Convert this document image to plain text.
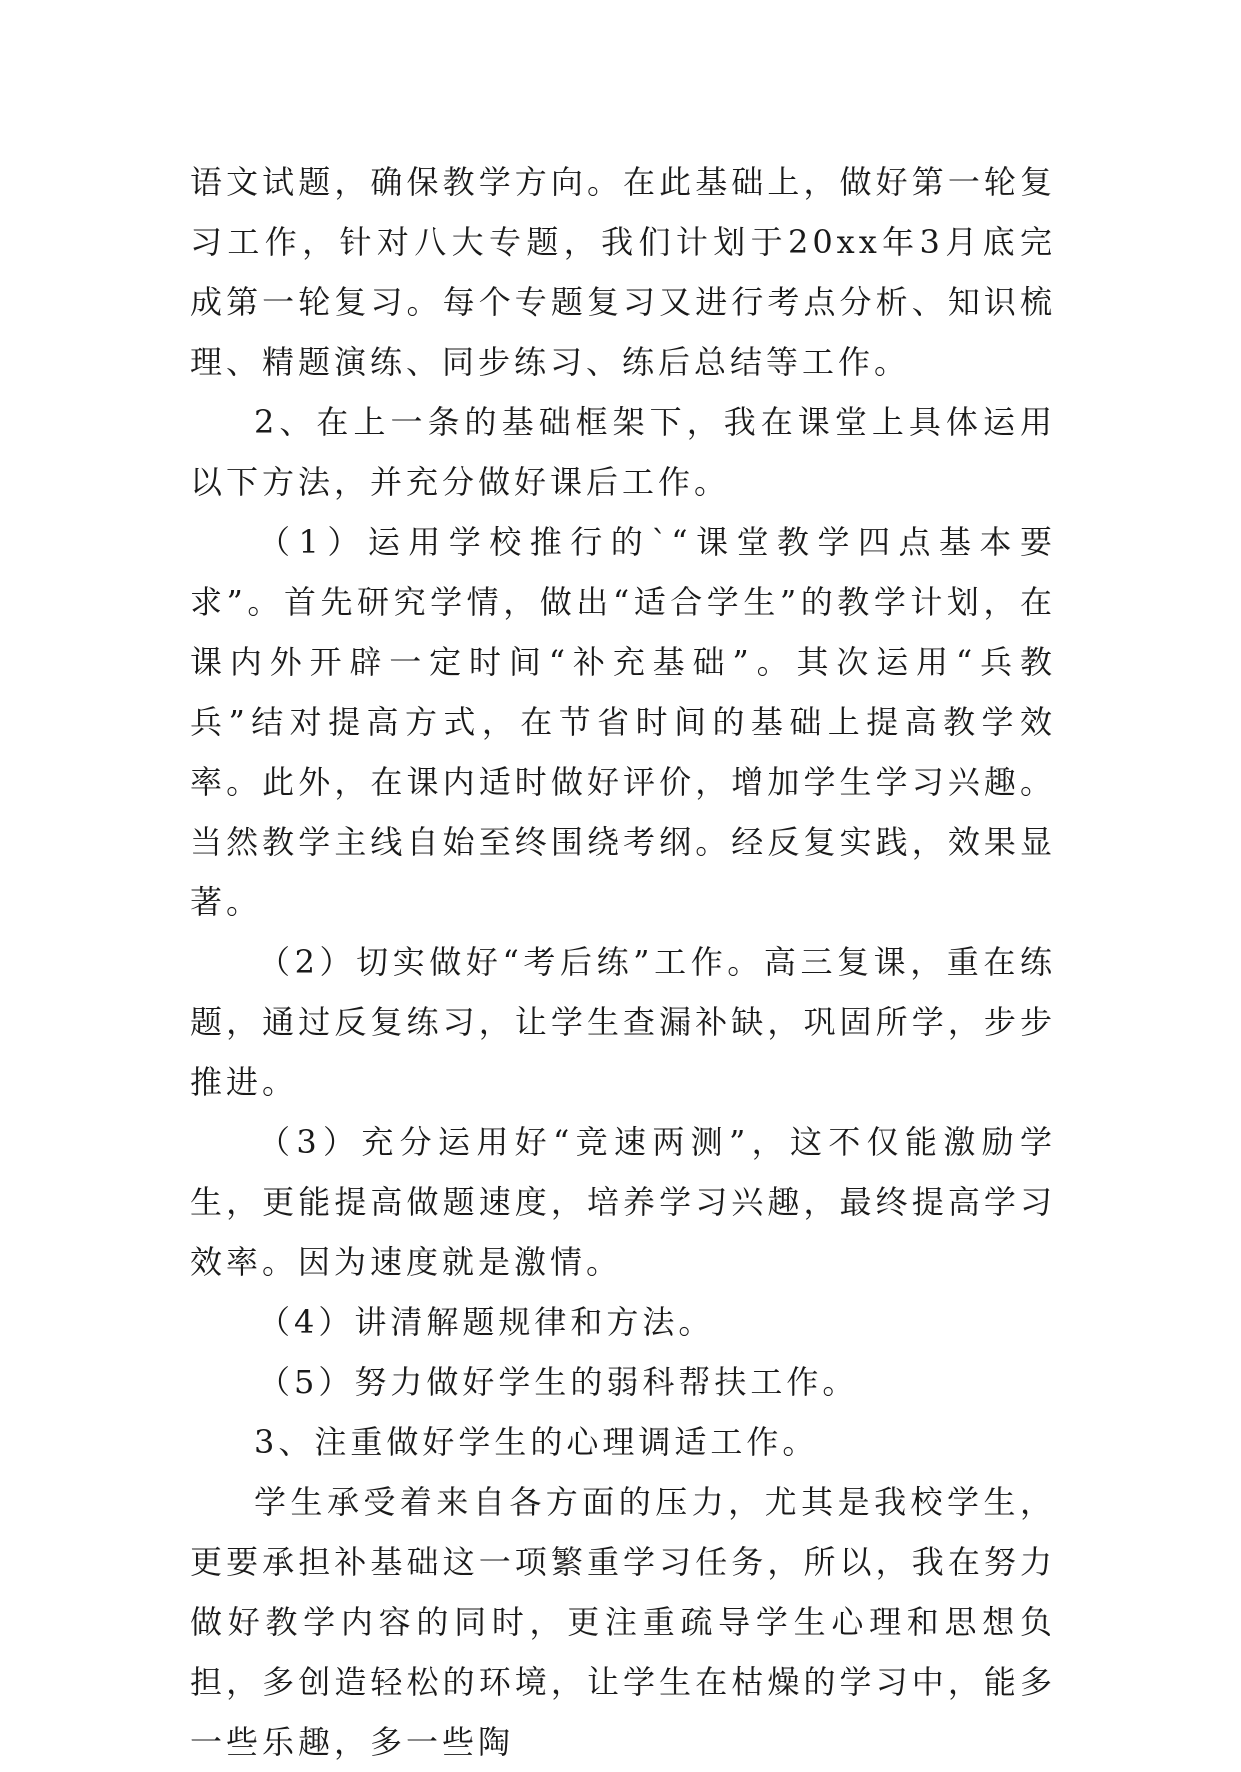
语文试题，确保教学方向。在此基础上，做好第一轮复习工作，针对八大专题，我们计划于20xx年3月底完成第一轮复习。每个专题复习又进行考点分析、知识梳理、精题演练、同步练习、练后总结等工作。

2、在上一条的基础框架下，我在课堂上具体运用以下方法，并充分做好课后工作。

（1）运用学校推行的`“课堂教学四点基本要求”。首先研究学情，做出“适合学生”的教学计划，在课内外开辟一定时间“补充基础”。其次运用“兵教兵”结对提高方式，在节省时间的基础上提高教学效率。此外，在课内适时做好评价，增加学生学习兴趣。当然教学主线自始至终围绕考纲。经反复实践，效果显著。

（2）切实做好“考后练”工作。高三复课，重在练题，通过反复练习，让学生查漏补缺，巩固所学，步步推进。

（3）充分运用好“竞速两测”，这不仅能激励学生，更能提高做题速度，培养学习兴趣，最终提高学习效率。因为速度就是激情。

（4）讲清解题规律和方法。

（5）努力做好学生的弱科帮扶工作。

3、注重做好学生的心理调适工作。

学生承受着来自各方面的压力，尤其是我校学生，更要承担补基础这一项繁重学习任务，所以，我在努力做好教学内容的同时，更注重疏导学生心理和思想负担，多创造轻松的环境，让学生在枯燥的学习中，能多一些乐趣，多一些陶
